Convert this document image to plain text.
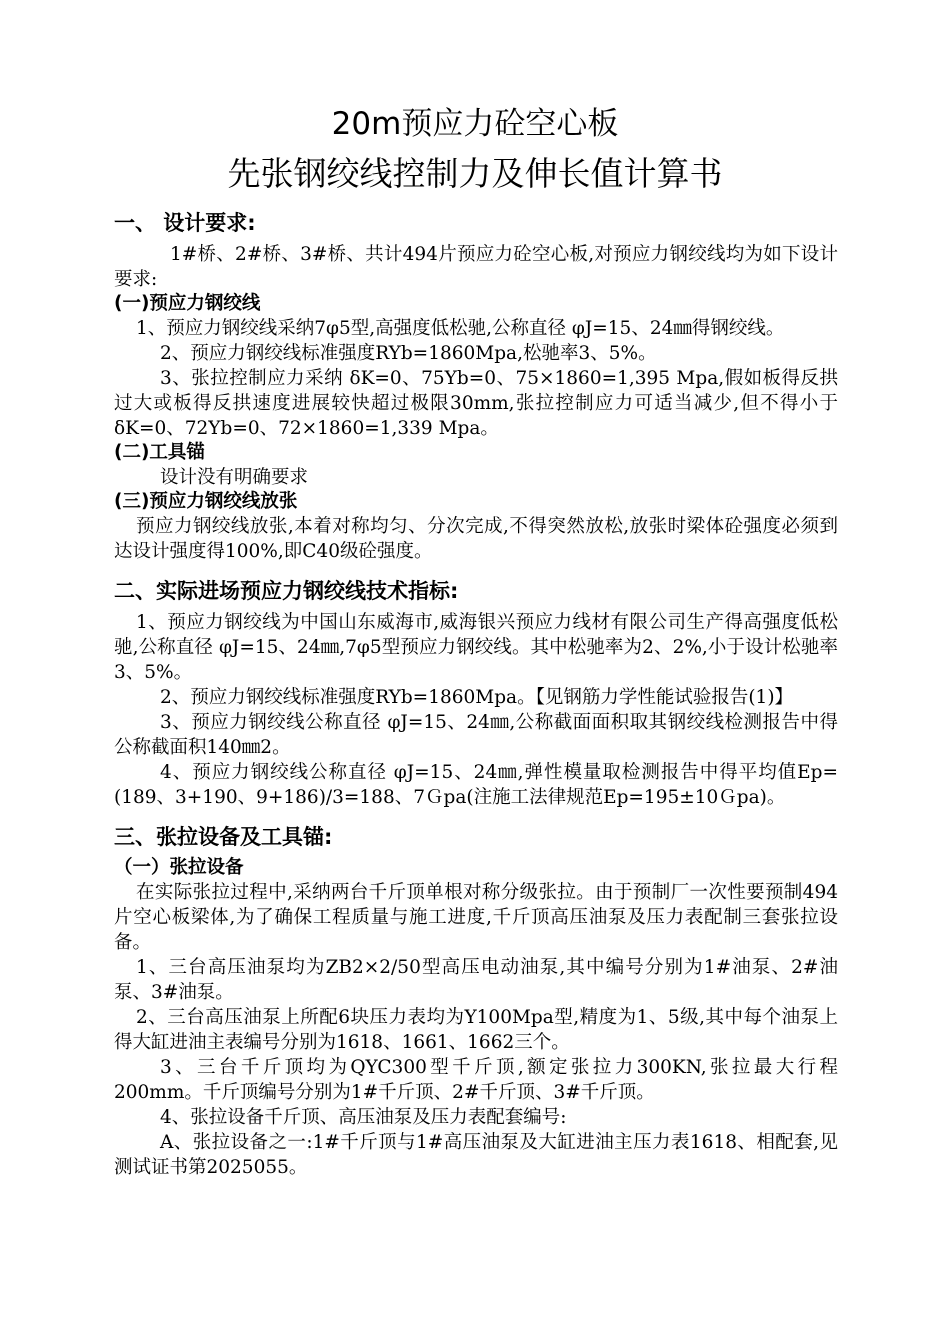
20m预应力砼空心板
先张钢绞线控制力及伸长值计算书
一、 设计要求:

1#桥、2#桥、3#桥、共计494片预应力砼空心板,对预应力钢绞线均为如下设计要求:

(一)预应力钢绞线

1、预应力钢绞线采纳7φ5型,高强度低松驰,公称直径 φJ=15、24㎜得钢绞线。

2、预应力钢绞线标准强度RYb=1860Mpa,松驰率3、5%。

3、张拉控制应力采纳 δK=0、75Yb=0、75×1860=1,395 Mpa,假如板得反拱过大或板得反拱速度进展较快超过极限30mm,张拉控制应力可适当减少,但不得小于 δK=0、72Yb=0、72×1860=1,339 Mpa。

(二)工具锚

设计没有明确要求

(三)预应力钢绞线放张

预应力钢绞线放张,本着对称均匀、分次完成,不得突然放松,放张时梁体砼强度必须到达设计强度得100%,即C40级砼强度。

二、实际进场预应力钢绞线技术指标:

1、预应力钢绞线为中国山东威海市,威海银兴预应力线材有限公司生产得高强度低松驰,公称直径 φJ=15、24㎜,7φ5型预应力钢绞线。其中松驰率为2、2%,小于设计松驰率3、5%。

2、预应力钢绞线标准强度RYb=1860Mpa。【见钢筋力学性能试验报告(1)】

3、预应力钢绞线公称直径 φJ=15、24㎜,公称截面面积取其钢绞线检测报告中得公称截面积140㎜2。

4、预应力钢绞线公称直径 φJ=15、24㎜,弹性模量取检测报告中得平均值Ep=(189、3+190、9+186)/3=188、7Ｇpa(注施工法律规范Ep=195±10Ｇpa)。

三、张拉设备及工具锚:
（一）张拉设备

在实际张拉过程中,采纳两台千斤顶单根对称分级张拉。由于预制厂一次性要预制494片空心板梁体,为了确保工程质量与施工进度,千斤顶高压油泵及压力表配制三套张拉设备。

1、三台高压油泵均为ZB2×2/50型高压电动油泵,其中编号分别为1#油泵、2#油泵、3#油泵。

2、三台高压油泵上所配6块压力表均为Y100Mpa型,精度为1、5级,其中每个油泵上得大缸进油主表编号分别为1618、1661、1662三个。

3、三台千斤顶均为QYC300型千斤顶,额定张拉力300KN,张拉最大行程200mm。千斤顶编号分别为1#千斤顶、2#千斤顶、3#千斤顶。

4、张拉设备千斤顶、高压油泵及压力表配套编号:

A、张拉设备之一:1#千斤顶与1#高压油泵及大缸进油主压力表1618、相配套,见测试证书第2025055。
